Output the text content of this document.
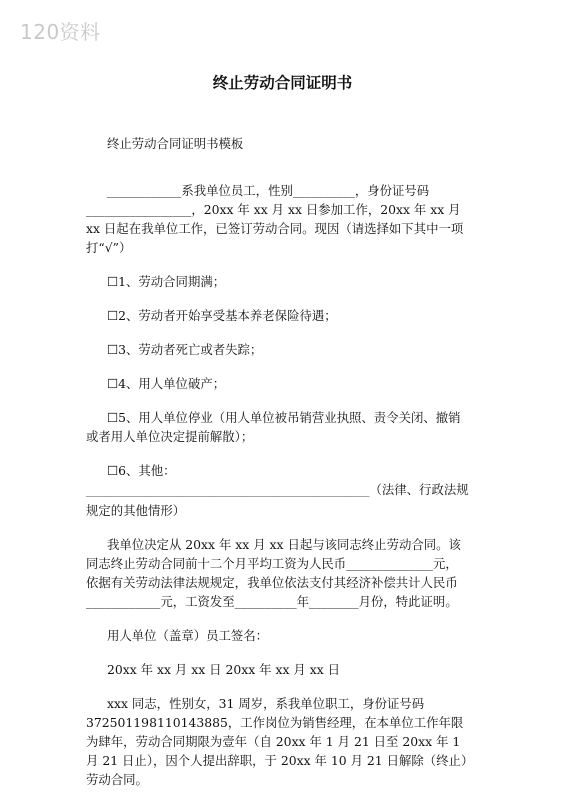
120资料
终止劳动合同证明书

终止劳动合同证明书模板

____________系我单位员工，性别__________，身份证号码_________________，20xx 年 xx 月 xx 日参加工作，20xx 年 xx 月 xx 日起在我单位工作，已签订劳动合同。现因（请选择如下其中一项打“√”）

☐1、劳动合同期满；

☐2、劳动者开始享受基本养老保险待遇；

☐3、劳动者死亡或者失踪；

☐4、用人单位破产；

☐5、用人单位停业（用人单位被吊销营业执照、责令关闭、撤销或者用人单位决定提前解散）；

☐6、其他：

______________________________________________________（法律、行政法规规定的其他情形）

我单位决定从 20xx 年 xx 月 xx 日起与该同志终止劳动合同。该同志终止劳动合同前十二个月平均工资为人民币______________元，依据有关劳动法律法规规定，我单位依法支付其经济补偿共计人民币____________元，工资发至__________年________月份，特此证明。

用人单位（盖章）员工签名：

20xx 年 xx 月 xx 日 20xx 年 xx 月 xx 日

xxx 同志，性别女，31 周岁，系我单位职工，身份证号码 372501198110143885，工作岗位为销售经理，在本单位工作年限为肆年，劳动合同期限为壹年（自 20xx 年 1 月 21 日至 20xx 年 1 月 21 日止），因个人提出辞职，于 20xx 年 10 月 21 日解除（终止）劳动合同。
